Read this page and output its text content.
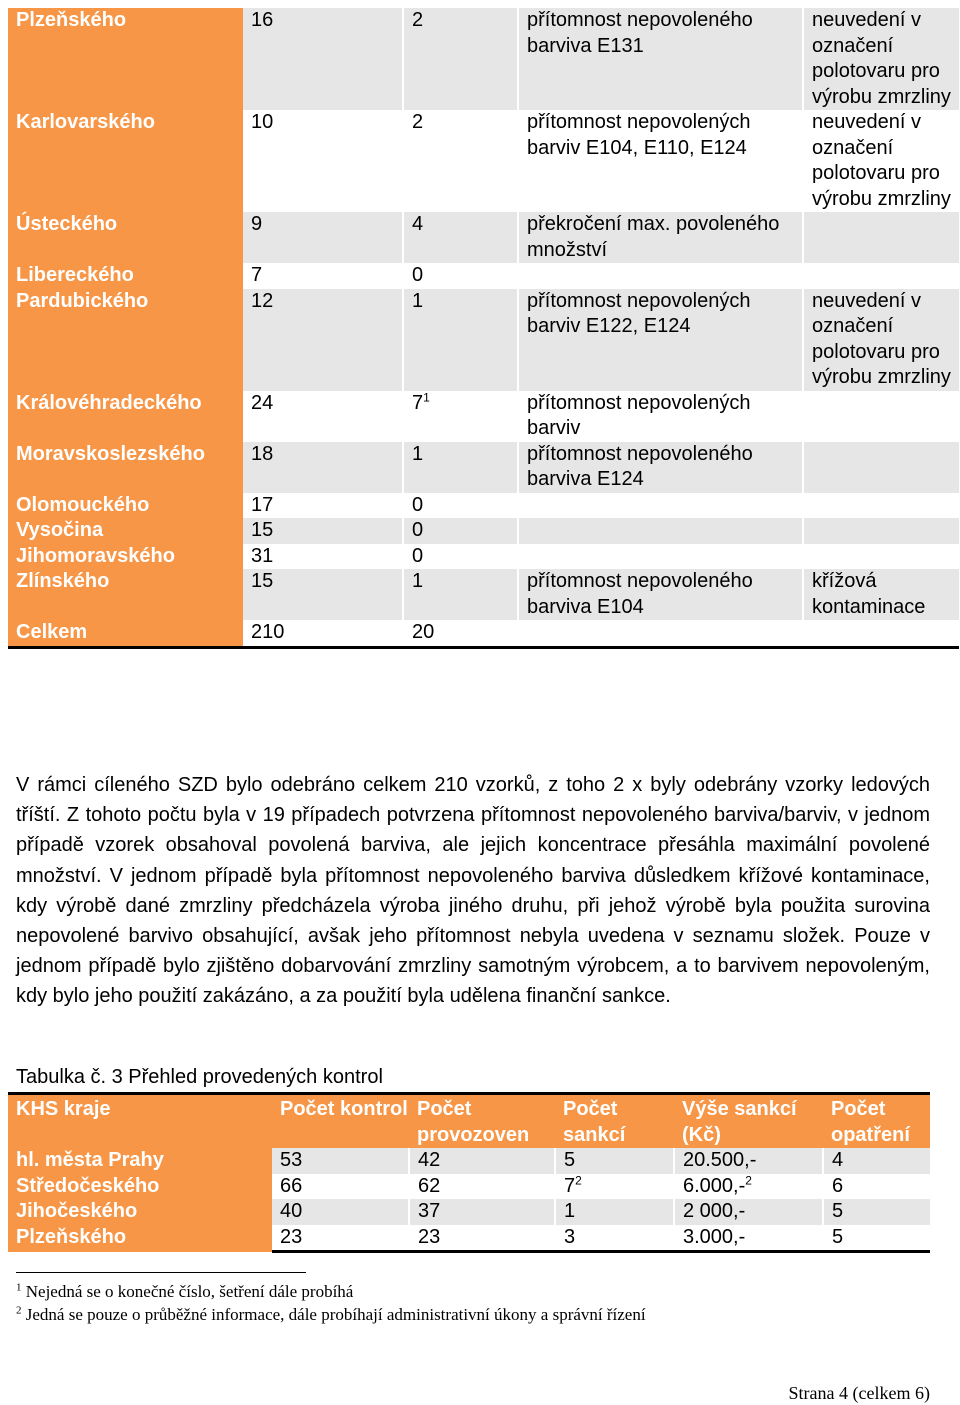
Plzeňského	16	2	přítomnost nepovoleného barviva E131	neuvedení v označení polotovaru pro výrobu zmrzliny
Karlovarského	10	2	přítomnost nepovolených barviv E104, E110, E124	neuvedení v označení polotovaru pro výrobu zmrzliny
Ústeckého	9	4	překročení max. povoleného množství	
Libereckého	7	0		
Pardubického	12	1	přítomnost nepovolených barviv E122, E124	neuvedení v označení polotovaru pro výrobu zmrzliny
Královéhradeckého	24	$7^1$	přítomnost nepovolených barviv	
Moravskoslezského	18	1	přítomnost nepovoleného barviva E124	
Olomouckého	17	0		
Vysočina	15	0		
Jihomoravského	31	0		
Zlínského	15	1	přítomnost nepovoleného barviva E104	křížová kontaminace
Celkem	210	20		

V rámci cíleného SZD bylo odebráno celkem 210 vzorků, z toho 2 x byly odebrány vzorky ledových tříští. Z tohoto počtu byla v 19 případech potvrzena přítomnost nepovoleného barviva/barviv, v jednom případě vzorek obsahoval povolená barviva, ale jejich koncentrace přesáhla maximální povolené množství. V jednom případě byla přítomnost nepovoleného barviva důsledkem křížové kontaminace, kdy výrobě dané zmrzliny předcházela výroba jiného druhu, při jehož výrobě byla použita surovina nepovolené barvivo obsahující, avšak jeho přítomnost nebyla uvedena v seznamu složek. Pouze v jednom případě bylo zjištěno dobarvování zmrzliny samotným výrobcem, a to barvivem nepovoleným, kdy bylo jeho použití zakázáno, a za použití byla udělena finanční sankce.

Tabulka č. 3 Přehled provedených kontrol

KHS kraje	Počet kontrol	Počet provozoven	Počet sankcí	Výše sankcí (Kč)	Počet opatření
hl. města Prahy	53	42	5	20.500,-	4
Středočeského	66	62	$7^2$	6.000,-$^2$	6
Jihočeského	40	37	1	2 000,-	5
Plzeňského	23	23	3	3.000,-	5

$^1$ Nejedná se o konečné číslo, šetření dále probíhá

$^2$ Jedná se pouze o průběžné informace, dále probíhají administrativní úkony a správní řízení

Strana 4 (celkem 6)
